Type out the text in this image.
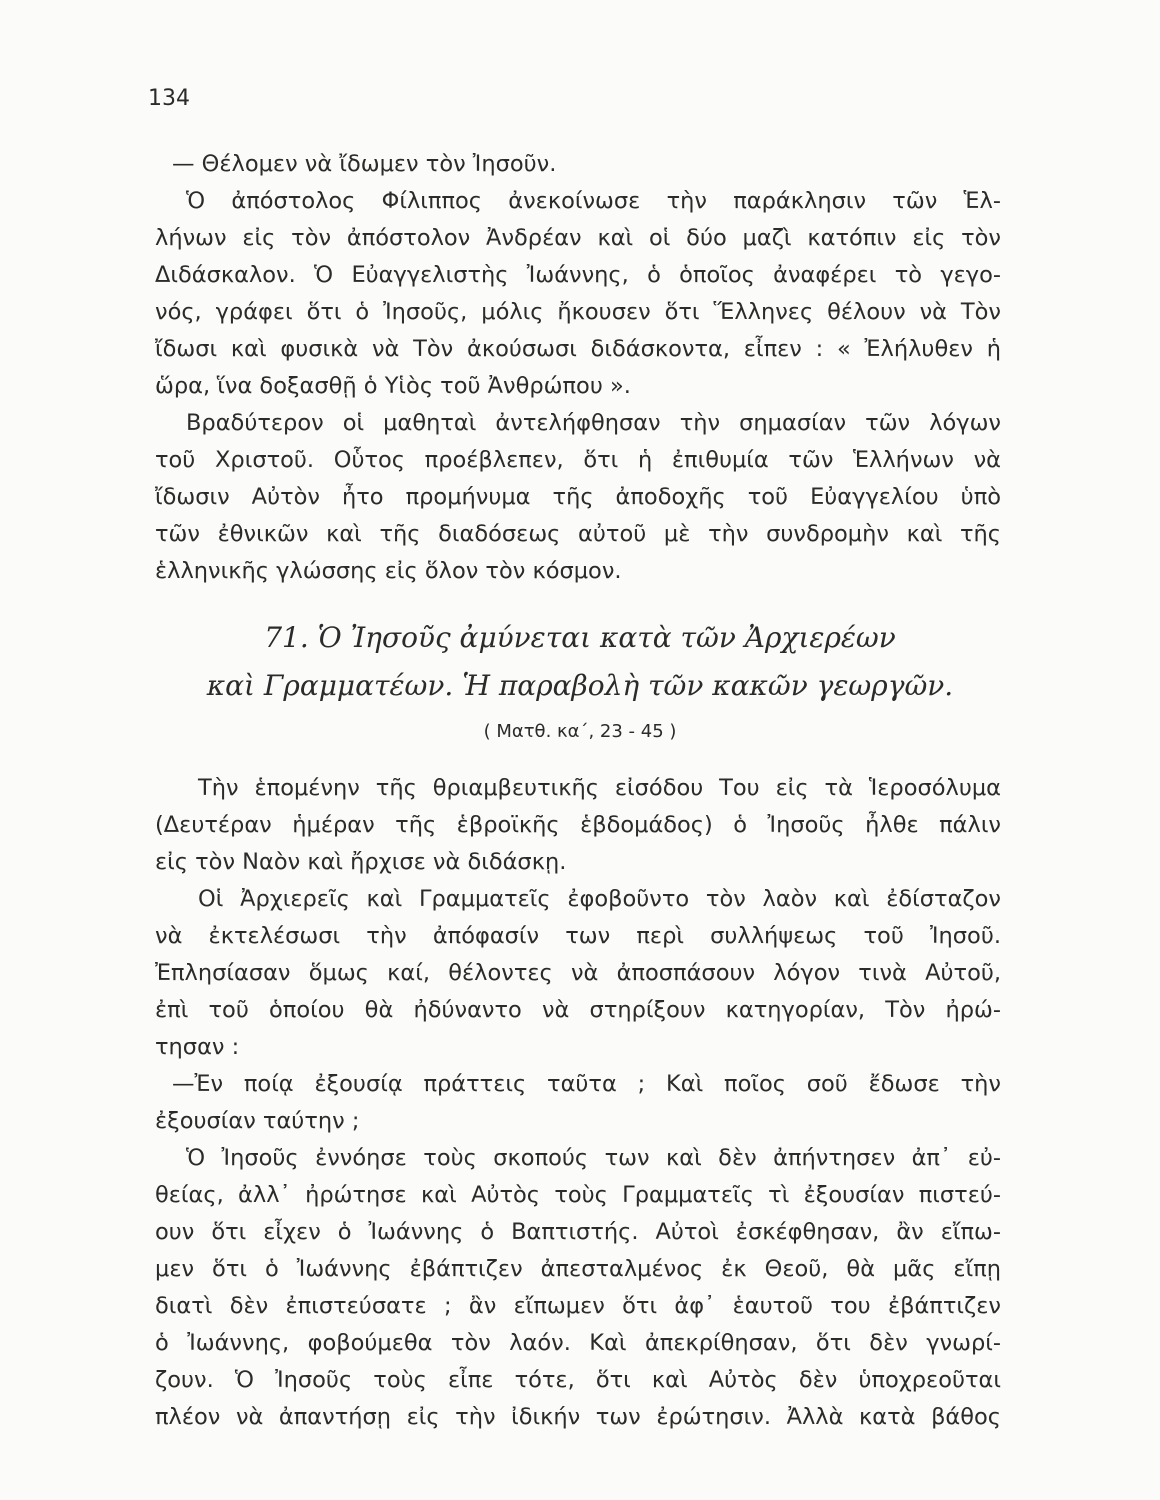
134
— Θέλομεν νὰ ἴδωμεν τὸν Ἰησοῦν.
Ὁ ἀπόστολος Φίλιππος ἀνεκοίνωσε τὴν παράκλησιν τῶν Ἑλ-
λήνων εἰς τὸν ἀπόστολον Ἀνδρέαν καὶ οἱ δύο μαζὶ κατόπιν εἰς τὸν
Διδάσκαλον. Ὁ Εὐαγγελιστὴς Ἰωάννης, ὁ ὁποῖος ἀναφέρει τὸ γεγο-
νός, γράφει ὅτι ὁ Ἰησοῦς, μόλις ἤκουσεν ὅτι Ἕλληνες θέλουν νὰ Τὸν
ἴδωσι καὶ φυσικὰ νὰ Τὸν ἀκούσωσι διδάσκοντα, εἶπεν : « Ἐλήλυθεν ἡ
ὥρα, ἵνα δοξασθῇ ὁ Υἱὸς τοῦ Ἀνθρώπου ».
Βραδύτερον οἱ μαθηταὶ ἀντελήφθησαν τὴν σημασίαν τῶν λόγων
τοῦ Χριστοῦ. Οὗτος προέβλεπεν, ὅτι ἡ ἐπιθυμία τῶν Ἑλλήνων νὰ
ἴδωσιν Αὐτὸν ἦτο προμήνυμα τῆς ἀποδοχῆς τοῦ Εὐαγγελίου ὑπὸ
τῶν ἐθνικῶν καὶ τῆς διαδόσεως αὐτοῦ μὲ τὴν συνδρομὴν καὶ τῆς
ἑλληνικῆς γλώσσης εἰς ὅλον τὸν κόσμον.
71. Ὁ Ἰησοῦς ἀμύνεται κατὰ τῶν Ἀρχιερέων
καὶ Γραμματέων. Ἡ παραβολὴ τῶν κακῶν γεωργῶν.
( Ματθ. κα΄, 23 - 45 )
Τὴν ἑπομένην τῆς θριαμβευτικῆς εἰσόδου Του εἰς τὰ Ἱεροσόλυμα
(Δευτέραν ἡμέραν τῆς ἑβροϊκῆς ἑβδομάδος) ὁ Ἰησοῦς ἦλθε πάλιν
εἰς τὸν Ναὸν καὶ ἤρχισε νὰ διδάσκῃ.
Οἱ Ἀρχιερεῖς καὶ Γραμματεῖς ἐφοβοῦντο τὸν λαὸν καὶ ἐδίσταζον
νὰ ἐκτελέσωσι τὴν ἀπόφασίν των περὶ συλλήψεως τοῦ Ἰησοῦ.
Ἐπλησίασαν ὅμως καί, θέλοντες νὰ ἀποσπάσουν λόγον τινὰ Αὐτοῦ,
ἐπὶ τοῦ ὁποίου θὰ ἠδύναντο νὰ στηρίξουν κατηγορίαν, Τὸν ἠρώ-
τησαν :
—Ἐν ποίᾳ ἐξουσίᾳ πράττεις ταῦτα ; Καὶ ποῖος σοῦ ἔδωσε τὴν
ἐξουσίαν ταύτην ;
Ὁ Ἰησοῦς ἐννόησε τοὺς σκοπούς των καὶ δὲν ἀπήντησεν ἀπ᾽ εὐ-
θείας, ἀλλ᾽ ἠρώτησε καὶ Αὐτὸς τοὺς Γραμματεῖς τὶ ἐξουσίαν πιστεύ-
ουν ὅτι εἶχεν ὁ Ἰωάννης ὁ Βαπτιστής. Αὐτοὶ ἐσκέφθησαν, ἂν εἴπω-
μεν ὅτι ὁ Ἰωάννης ἐβάπτιζεν ἀπεσταλμένος ἐκ Θεοῦ, θὰ μᾶς εἴπῃ
διατὶ δὲν ἐπιστεύσατε ; ἂν εἴπωμεν ὅτι ἀφ᾽ ἑαυτοῦ του ἐβάπτιζεν
ὁ Ἰωάννης, φοβούμεθα τὸν λαόν. Καὶ ἀπεκρίθησαν, ὅτι δὲν γνωρί-
ζουν. Ὁ Ἰησοῦς τοὺς εἶπε τότε, ὅτι καὶ Αὐτὸς δὲν ὑποχρεοῦται
πλέον νὰ ἀπαντήσῃ εἰς τὴν ἰδικήν των ἐρώτησιν. Ἀλλὰ κατὰ βάθος
